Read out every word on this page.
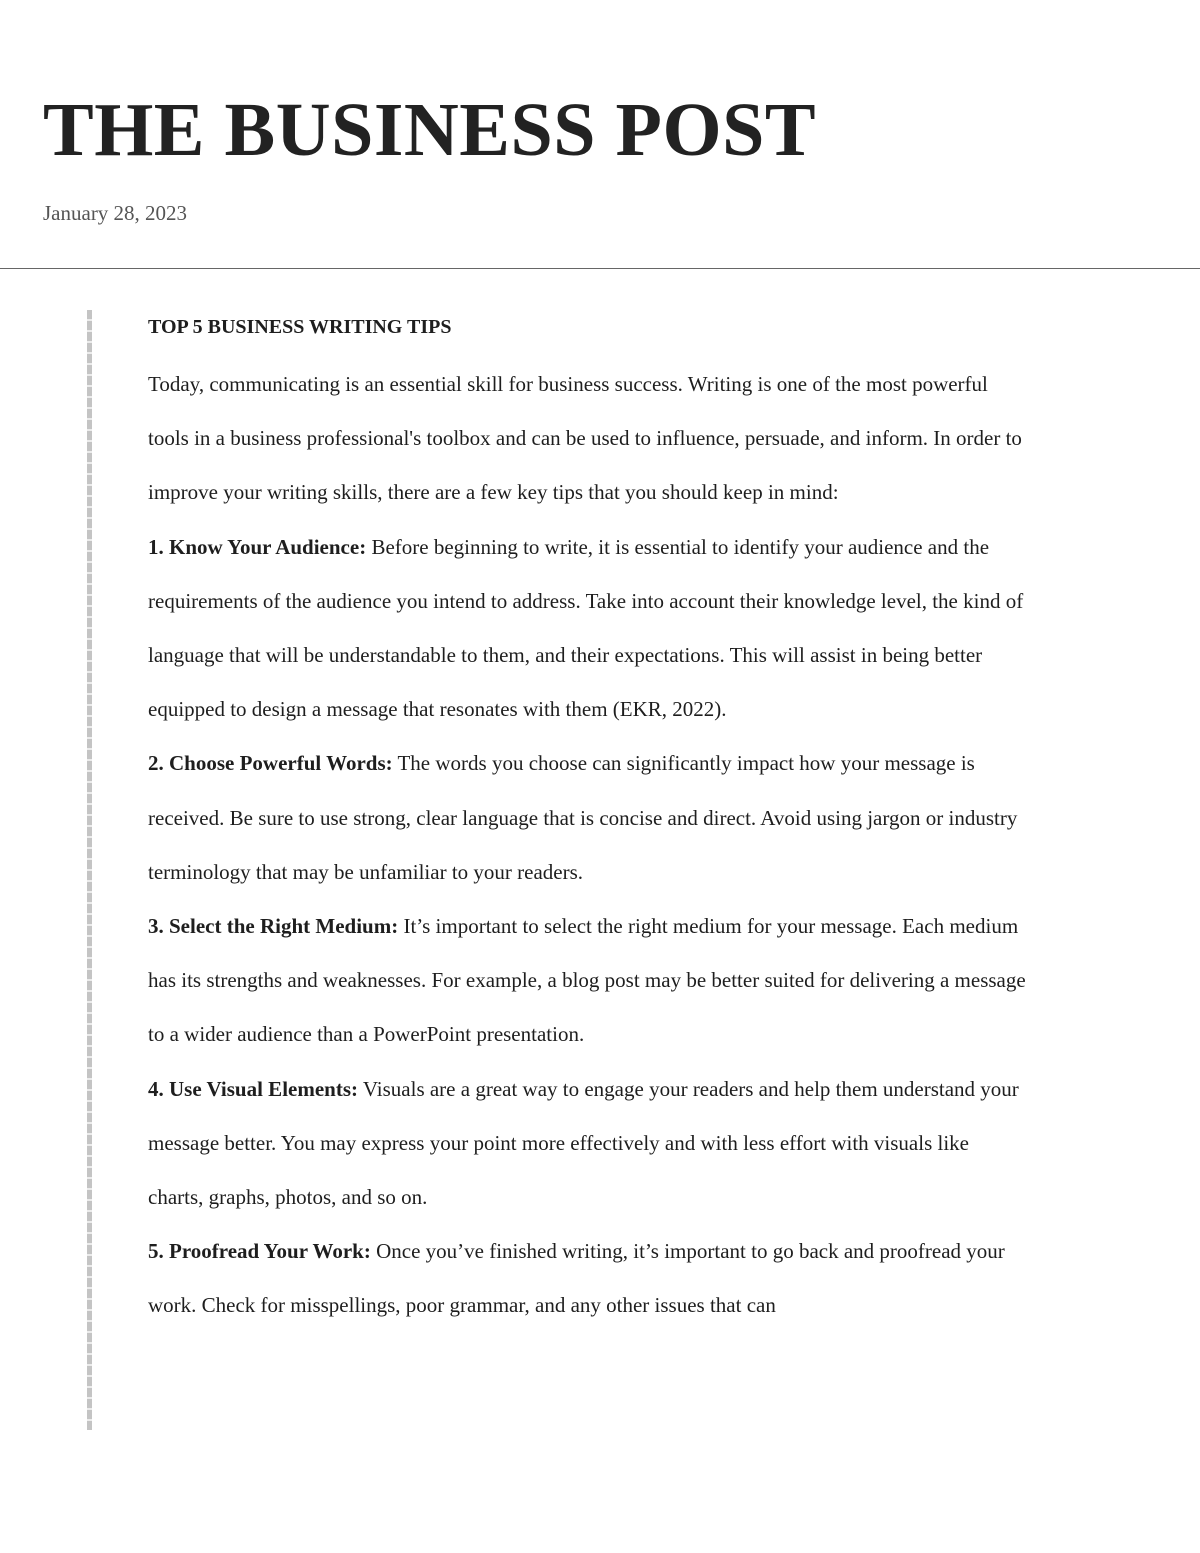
THE BUSINESS POST

January 28, 2023

TOP 5 BUSINESS WRITING TIPS

Today, communicating is an essential skill for business success. Writing is one of the most powerful tools in a business professional's toolbox and can be used to influence, persuade, and inform. In order to improve your writing skills, there are a few key tips that you should keep in mind:

1. Know Your Audience: Before beginning to write, it is essential to identify your audience and the requirements of the audience you intend to address. Take into account their knowledge level, the kind of language that will be understandable to them, and their expectations. This will assist in being better equipped to design a message that resonates with them (EKR, 2022).

2. Choose Powerful Words: The words you choose can significantly impact how your message is received. Be sure to use strong, clear language that is concise and direct. Avoid using jargon or industry terminology that may be unfamiliar to your readers.

3. Select the Right Medium: It’s important to select the right medium for your message. Each medium has its strengths and weaknesses. For example, a blog post may be better suited for delivering a message to a wider audience than a PowerPoint presentation.

4. Use Visual Elements: Visuals are a great way to engage your readers and help them understand your message better. You may express your point more effectively and with less effort with visuals like charts, graphs, photos, and so on.

5. Proofread Your Work: Once you’ve finished writing, it’s important to go back and proofread your work. Check for misspellings, poor grammar, and any other issues that can
